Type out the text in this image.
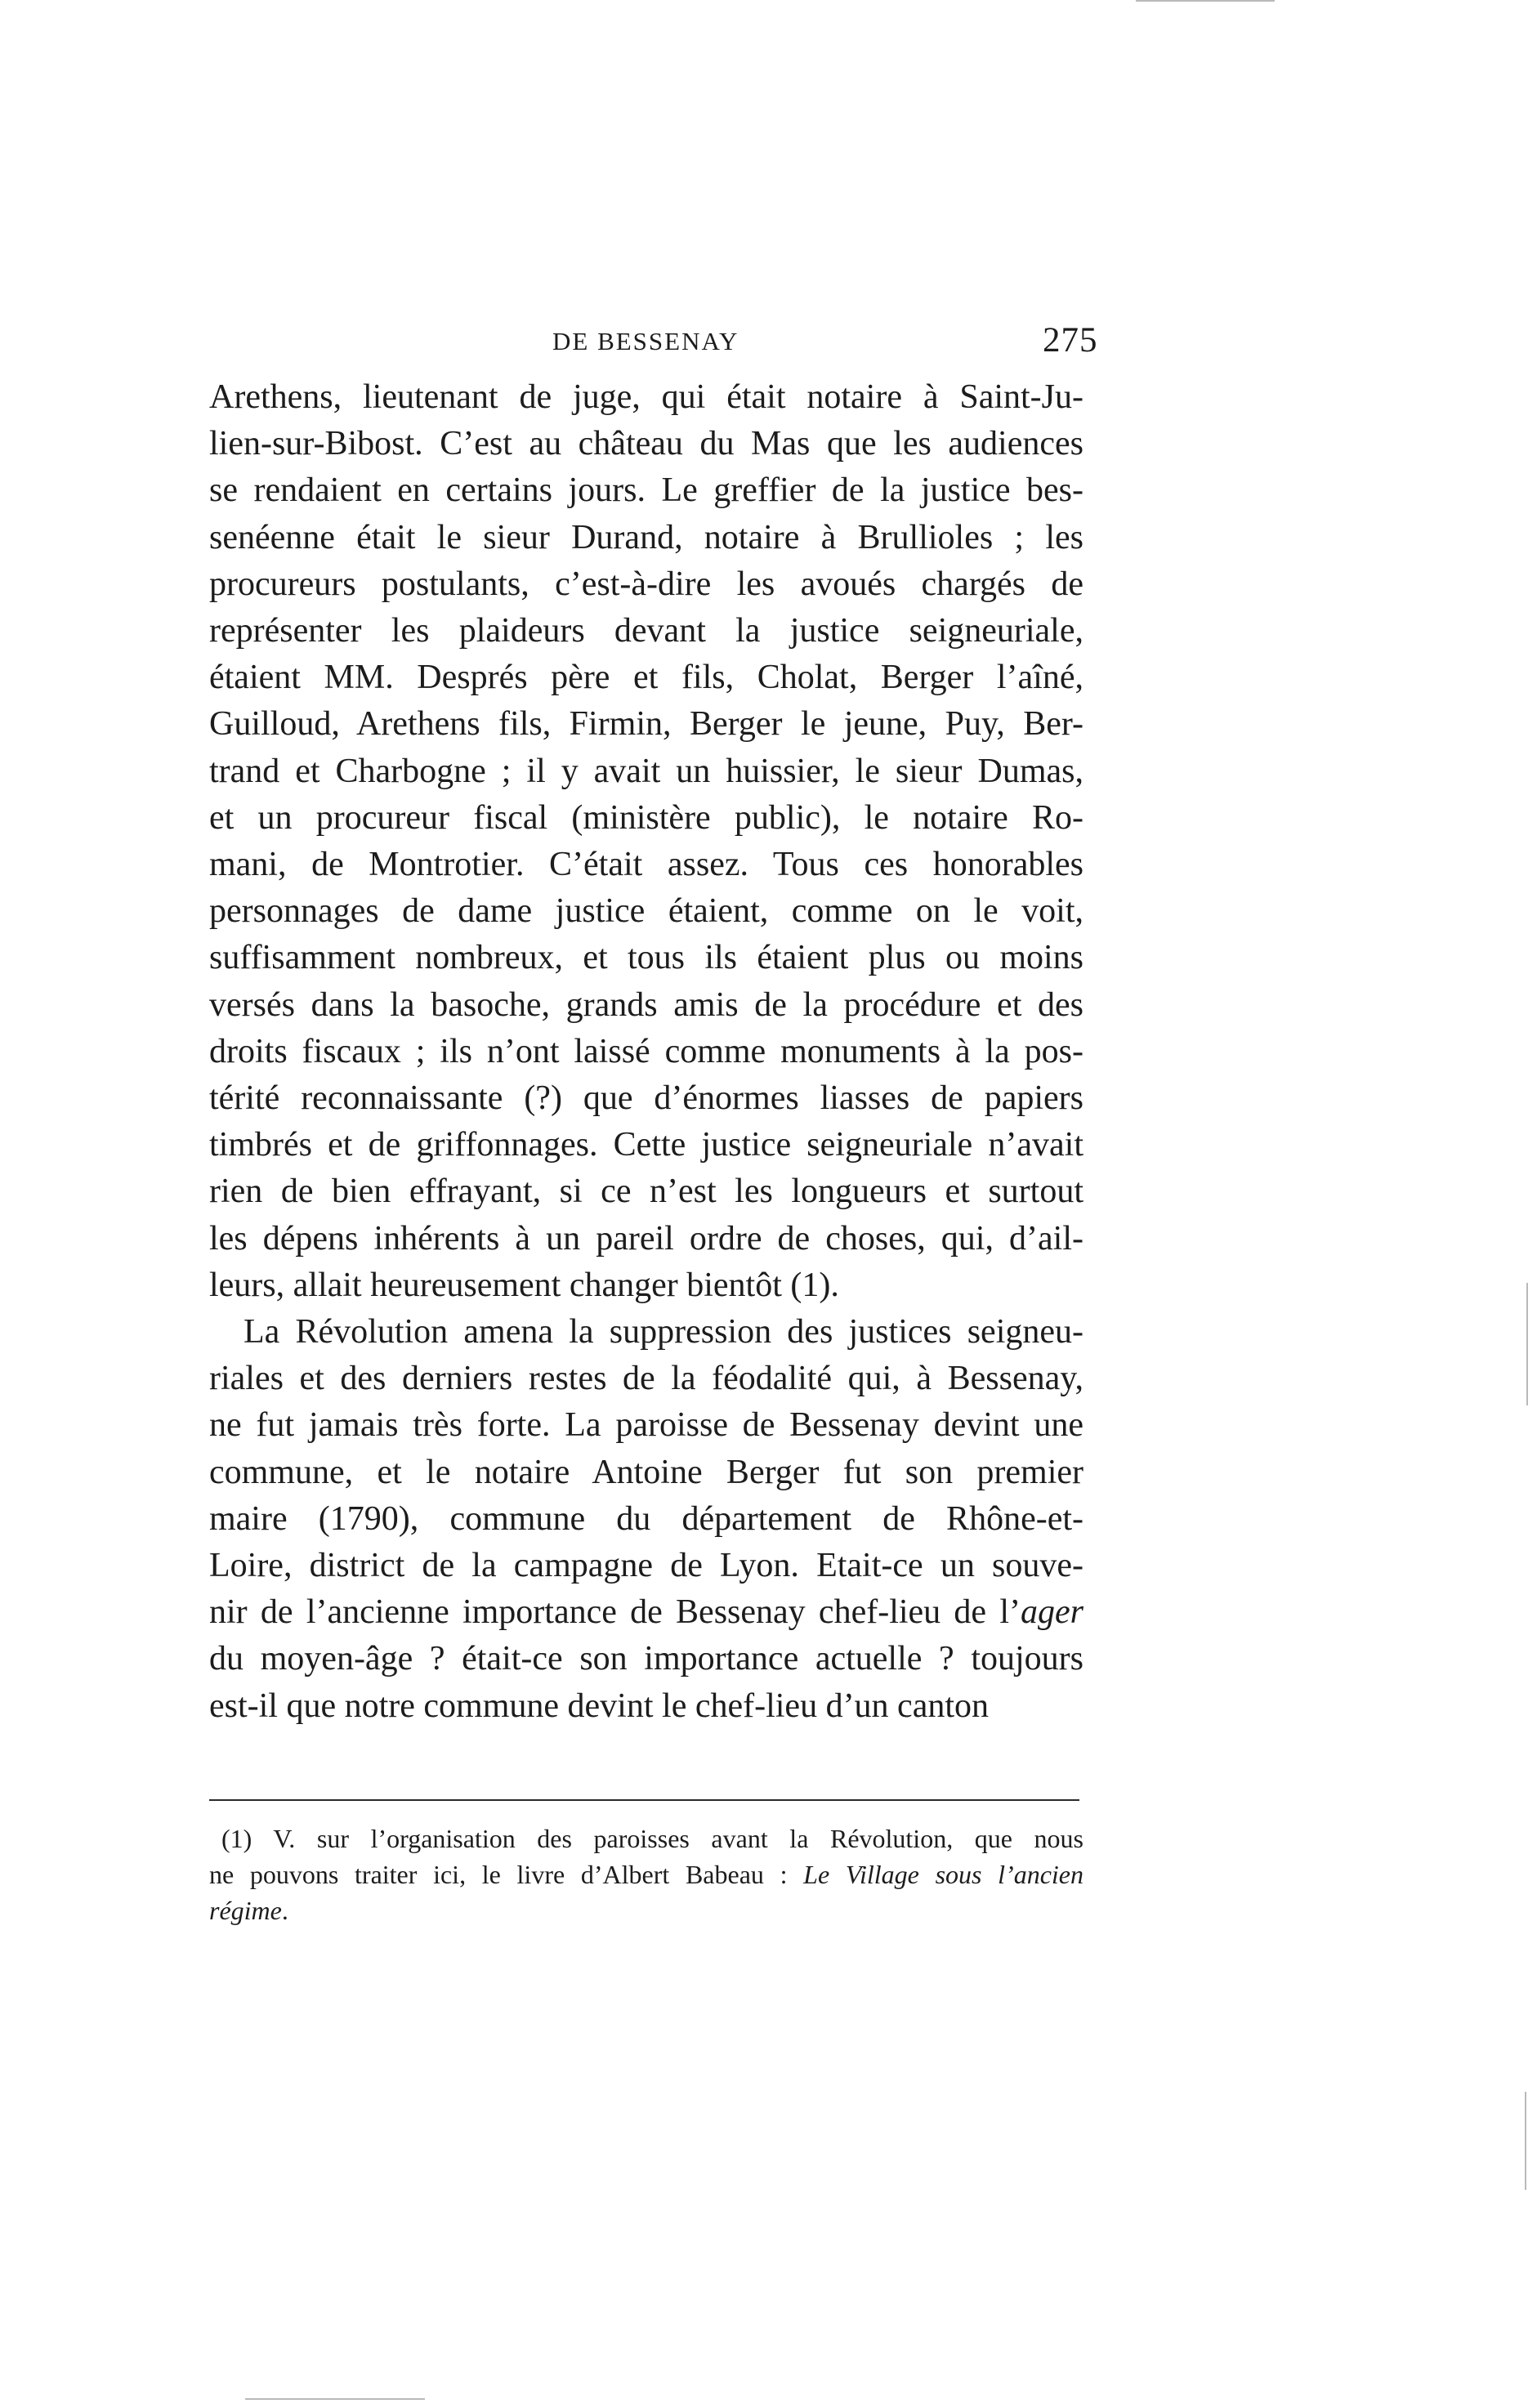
DE BESSENAY	275

Arethens, lieutenant de juge, qui était notaire à Saint-Ju-
lien-sur-Bibost. C’est au château du Mas que les audiences
se rendaient en certains jours. Le greffier de la justice bes-
senéenne était le sieur Durand, notaire à Brullioles ; les
procureurs postulants, c’est-à-dire les avoués chargés de
représenter les plaideurs devant la justice seigneuriale,
étaient MM. Després père et fils, Cholat, Berger l’aîné,
Guilloud, Arethens fils, Firmin, Berger le jeune, Puy, Ber-
trand et Charbogne ; il y avait un huissier, le sieur Dumas,
et un procureur fiscal (ministère public), le notaire Ro-
mani, de Montrotier. C’était assez. Tous ces honorables
personnages de dame justice étaient, comme on le voit,
suffisamment nombreux, et tous ils étaient plus ou moins
versés dans la basoche, grands amis de la procédure et des
droits fiscaux ; ils n’ont laissé comme monuments à la pos-
térité reconnaissante (?) que d’énormes liasses de papiers
timbrés et de griffonnages. Cette justice seigneuriale n’avait
rien de bien effrayant, si ce n’est les longueurs et surtout
les dépens inhérents à un pareil ordre de choses, qui, d’ail-
leurs, allait heureusement changer bientôt (1).

La Révolution amena la suppression des justices seigneu-
riales et des derniers restes de la féodalité qui, à Bessenay,
ne fut jamais très forte. La paroisse de Bessenay devint une
commune, et le notaire Antoine Berger fut son premier
maire (1790), commune du département de Rhône-et-
Loire, district de la campagne de Lyon. Etait-ce un souve-
nir de l’ancienne importance de Bessenay chef-lieu de l’ager
du moyen-âge ? était-ce son importance actuelle ? toujours
est-il que notre commune devint le chef-lieu d’un canton

(1) V. sur l’organisation des paroisses avant la Révolution, que nous
ne pouvons traiter ici, le livre d’Albert Babeau : Le Village sous l’ancien
régime.
